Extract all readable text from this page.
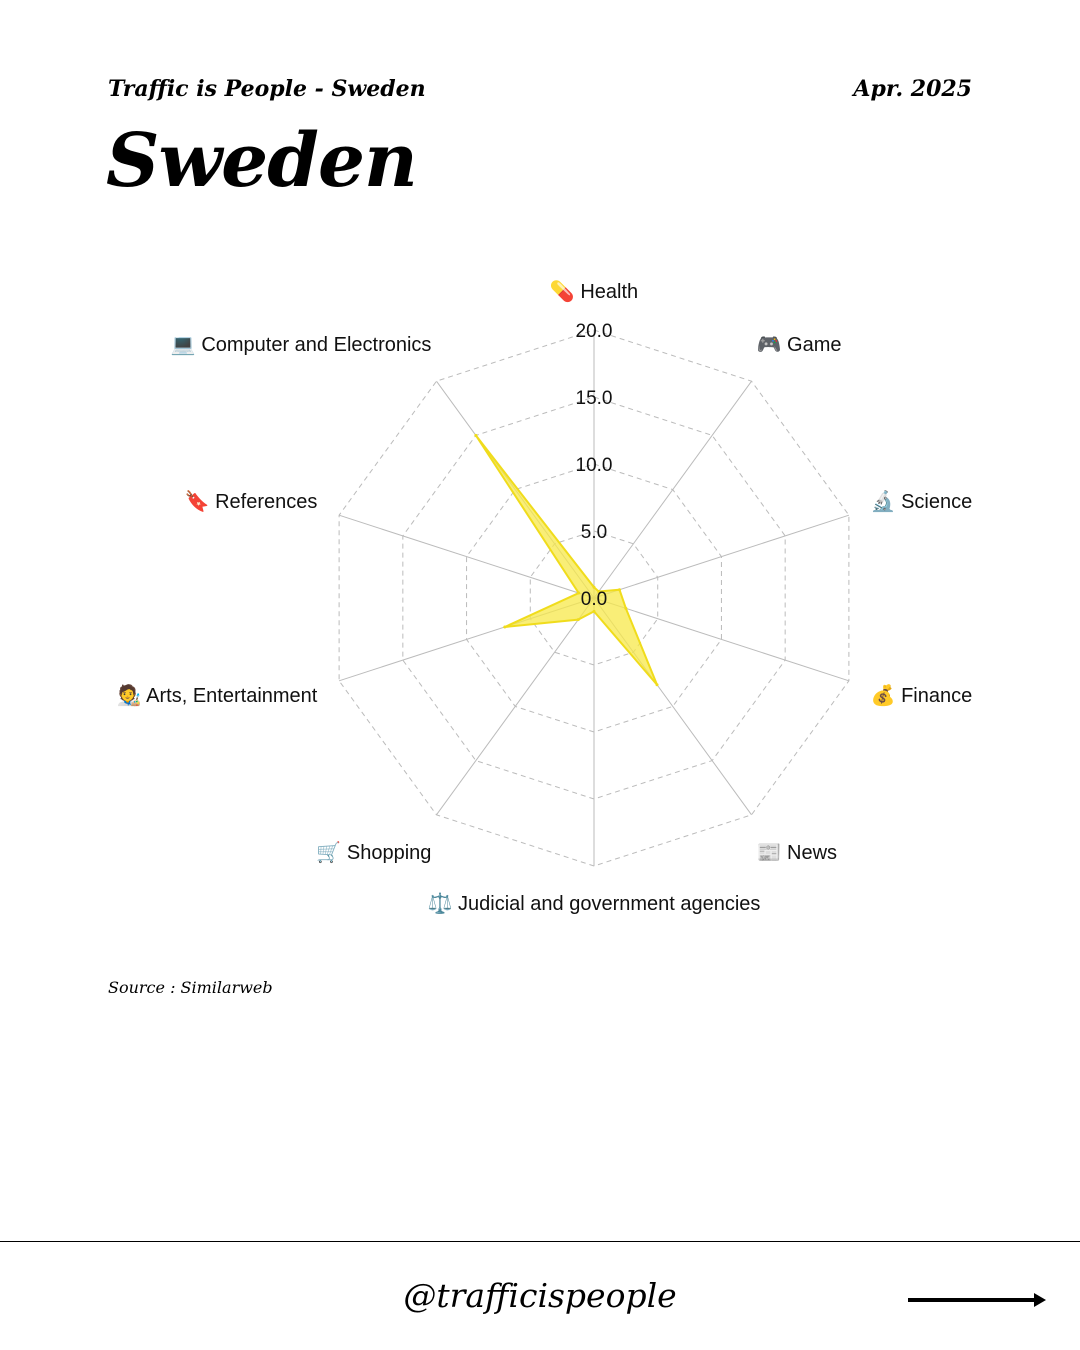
Traffic is People - Sweden	Apr. 2025
Sweden
0.0
5.0
10.0
15.0
20.0
💊 Health
🎮 Game
🔬 Science
💰 Finance
📰 News
⚖️ Judicial and government agencies
🛒 Shopping
🧑‍🎨 Arts, Entertainment
🔖 References
💻 Computer and Electronics
Source : Similarweb
@trafficispeople
